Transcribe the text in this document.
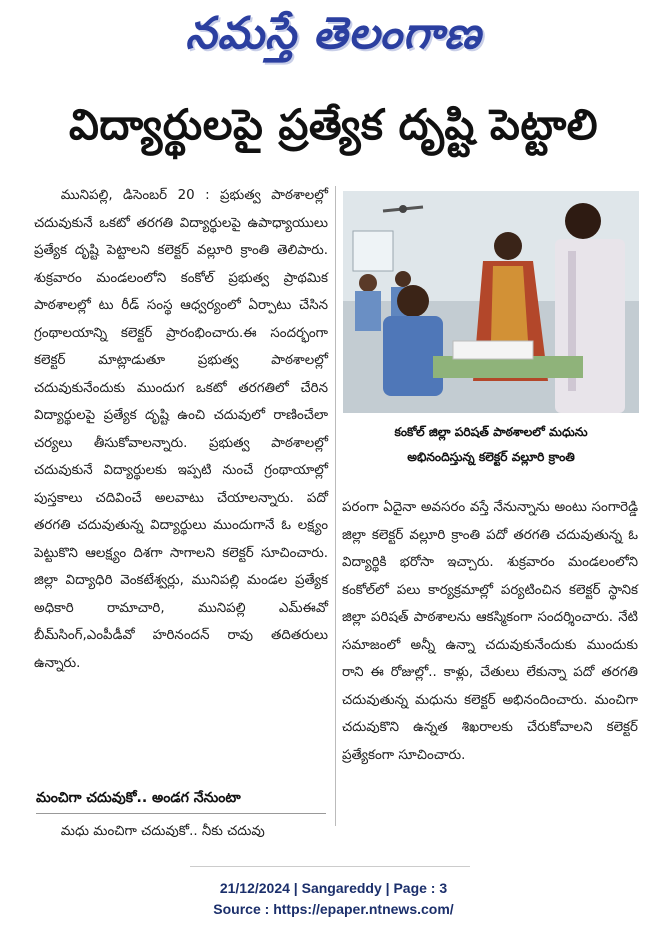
నమస్తే తెలంగాణ
విద్యార్థులపై ప్రత్యేక దృష్టి పెట్టాలి

మునిపల్లి, డిసెంబర్ 20 : ప్రభుత్వ పాఠశాలల్లో చదువుకునే ఒకటో తరగతి విద్యార్థులపై ఉపాధ్యాయులు ప్రత్యేక దృష్టి పెట్టాలని కలెక్టర్ వల్లూరి క్రాంతి తెలిపారు. శుక్రవారం మండలంలోని కంకోల్ ప్రభుత్వ ప్రాథమిక పాఠశాలల్లో టు రీడ్ సంస్థ ఆధ్వర్యంలో ఏర్పాటు చేసిన గ్రంథాలయాన్ని కలెక్టర్ ప్రారంభించారు.ఈ సందర్భంగా కలెక్టర్ మాట్లాడుతూ ప్రభుత్వ పాఠశాలల్లో చదువుకునేందుకు ముందుగ ఒకటో తరగతిలో చేరిన విద్యార్థులపై ప్రత్యేక దృష్టి ఉంచి చదువులో రాణించేలా చర్యలు తీసుకోవాలన్నారు. ప్రభుత్వ పాఠశాలల్లో చదువుకునే విద్యార్థులకు ఇప్పటి నుంచే గ్రంథాయాల్లో పుస్తకాలు చదివించే అలవాటు చేయాలన్నారు. పదో తరగతి చదువుతున్న విద్యార్థులు ముందుగానే ఓ లక్ష్యం పెట్టుకొని ఆలక్ష్యం దిశగా సాగాలని కలెక్టర్ సూచించారు. జిల్లా విద్యాధిరి వెంకటేశ్వర్లు, మునిపల్లి మండల ప్రత్యేక అధికారి రామాచారి, మునిపల్లి ఎమ్ఈవో బీమ్‌సింగ్,ఎంపీడీవో హరినందన్ రావు తదితరులు ఉన్నారు.

మంచిగా చదువుకో.. అండగ నేనుంటా
మధు మంచిగా చదువుకో.. నీకు చదువు
కంకోల్ జిల్లా పరిషత్ పాఠశాలలో మధును
అభినందిస్తున్న కలెక్టర్ వల్లూరి క్రాంతి

పరంగా ఏదైనా అవసరం వస్తే నేనున్నాను అంటు సంగారెడ్డి జిల్లా కలెక్టర్ వల్లూరి క్రాంతి పదో తరగతి చదువుతున్న ఓ విద్యార్థికి భరోసా ఇచ్చారు. శుక్రవారం మండలంలోని కంకోల్‌లో పలు కార్యక్రమాల్లో పర్యటించిన కలెక్టర్ స్థానిక జిల్లా పరిషత్ పాఠశాలను ఆకస్మికంగా సందర్శించారు. నేటి సమాజంలో అన్నీ ఉన్నా చదువుకునేందుకు ముందుకు రాని ఈ రోజుల్లో.. కాళ్లు, చేతులు లేకున్నా పదో తరగతి చదువుతున్న మధును కలెక్టర్ అభినందించారు. మంచిగా చదువుకొని ఉన్నత శిఖరాలకు చేరుకోవాలని కలెక్టర్ ప్రత్యేకంగా సూచించారు.

21/12/2024 | Sangareddy | Page : 3
Source : https://epaper.ntnews.com/
